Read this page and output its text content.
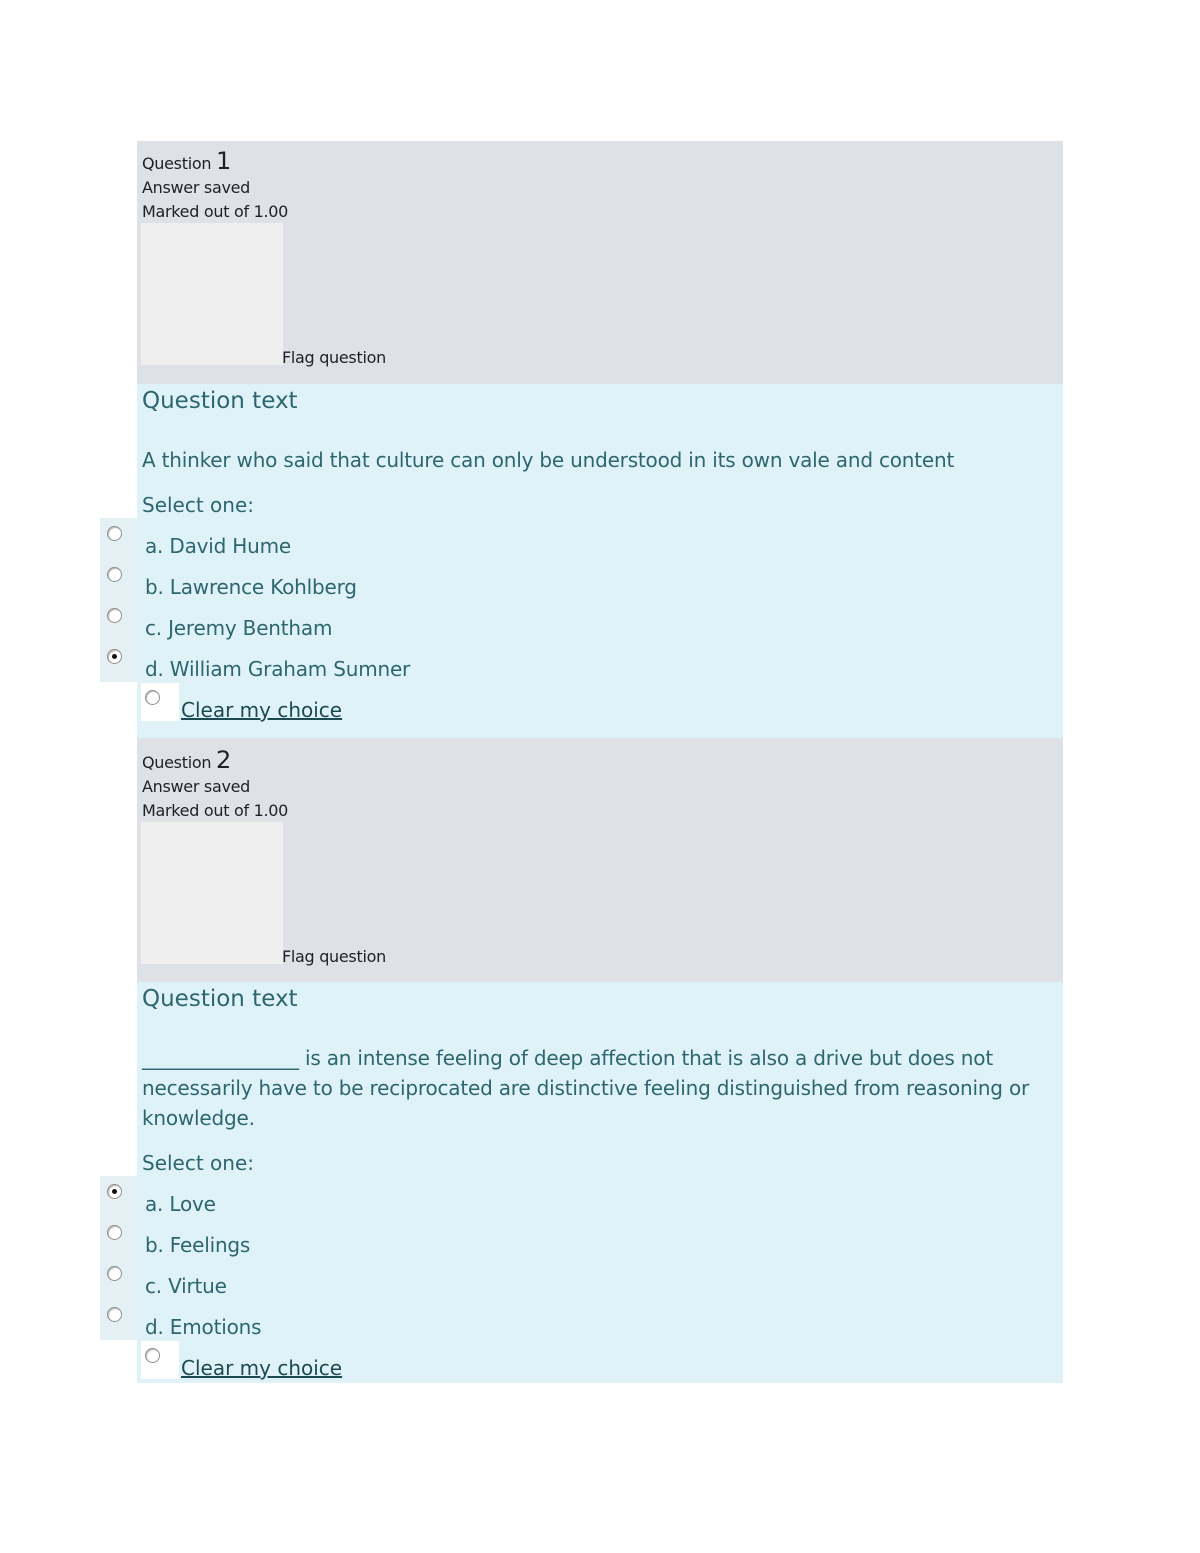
Question 1
Answer saved
Marked out of 1.00
Flag question
Question text
A thinker who said that culture can only be understood in its own vale and content
Select one:
a. David Hume
b. Lawrence Kohlberg
c. Jeremy Bentham
d. William Graham Sumner
Clear my choice
Question 2
Answer saved
Marked out of 1.00
Flag question
Question text
________________ is an intense feeling of deep affection that is also a drive but does not necessarily have to be reciprocated are distinctive feeling distinguished from reasoning or knowledge.
Select one:
a. Love
b. Feelings
c. Virtue
d. Emotions
Clear my choice
